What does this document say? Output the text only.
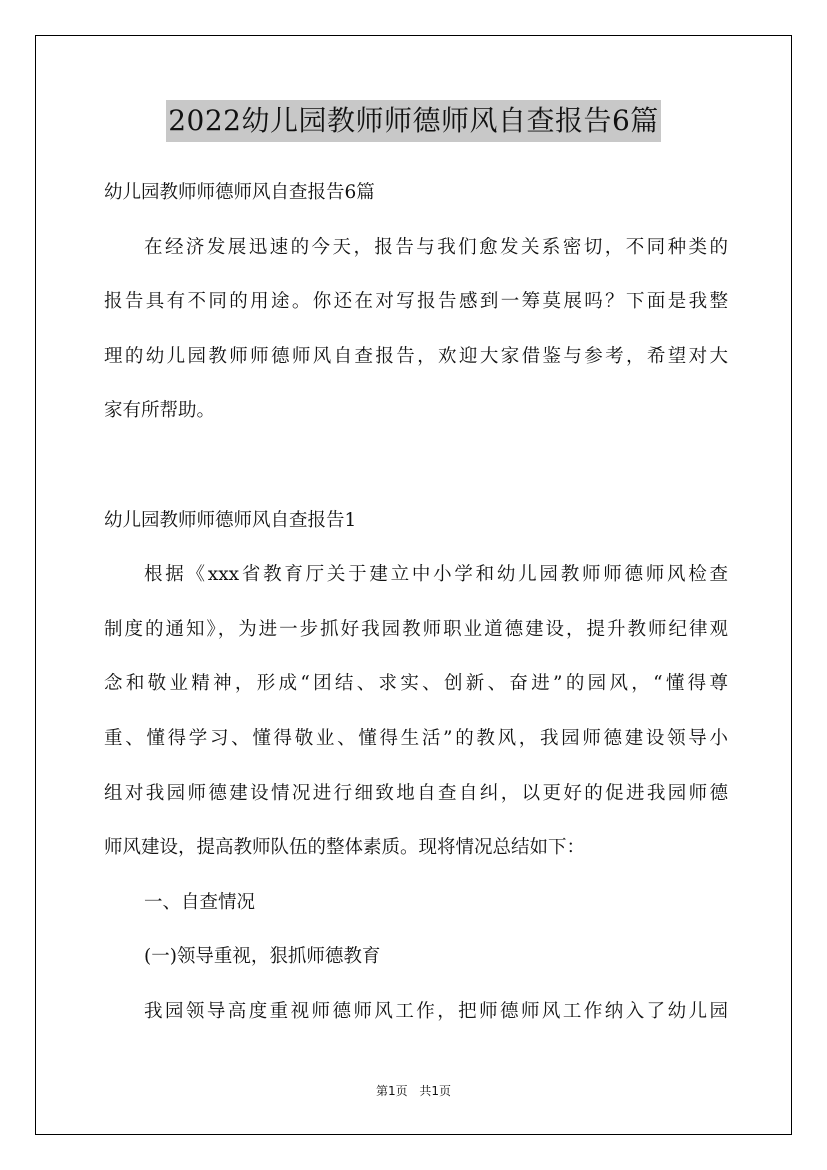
2022幼儿园教师师德师风自查报告6篇
幼儿园教师师德师风自查报告6篇
在经济发展迅速的今天，报告与我们愈发关系密切，不同种类的
报告具有不同的用途。你还在对写报告感到一筹莫展吗？下面是我整
理的幼儿园教师师德师风自查报告，欢迎大家借鉴与参考，希望对大
家有所帮助。
幼儿园教师师德师风自查报告1
根据《xxx省教育厅关于建立中小学和幼儿园教师师德师风检查
制度的通知》，为进一步抓好我园教师职业道德建设，提升教师纪律观
念和敬业精神，形成“团结、求实、创新、奋进”的园风，“懂得尊
重、懂得学习、懂得敬业、懂得生活”的教风，我园师德建设领导小
组对我园师德建设情况进行细致地自查自纠，以更好的促进我园师德
师风建设，提高教师队伍的整体素质。现将情况总结如下：
一、自查情况
(一)领导重视，狠抓师德教育
我园领导高度重视师德师风工作，把师德师风工作纳入了幼儿园
第1页 共1页
